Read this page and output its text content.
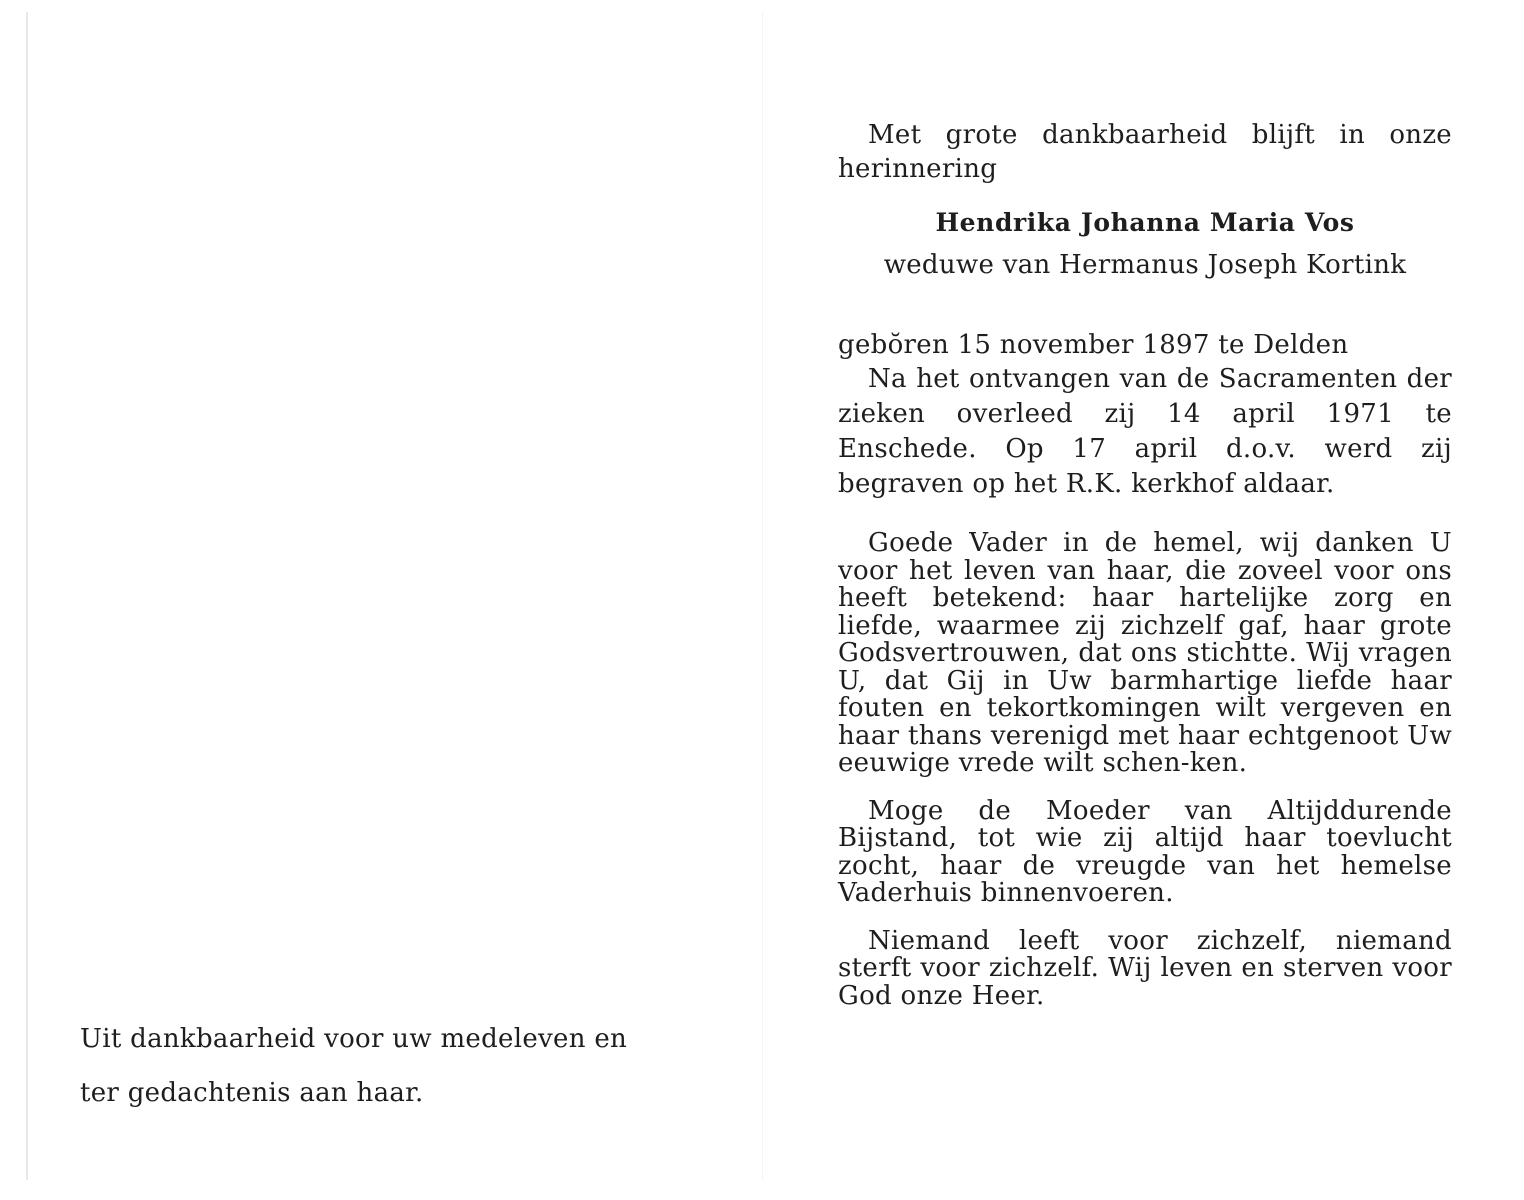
Met grote dankbaarheid blijft in onze herinnering

Hendrika Johanna Maria Vos

weduwe van Hermanus Joseph Kortink

gebŏren 15 november 1897 te Delden

Na het ontvangen van de Sacramenten der zieken overleed zij 14 april 1971 te Enschede. Op 17 april d.o.v. werd zij begraven op het R.K. kerkhof aldaar.

Goede Vader in de hemel, wij danken U voor het leven van haar, die zoveel voor ons heeft betekend: haar hartelijke zorg en liefde, waarmee zij zichzelf gaf, haar grote Godsvertrouwen, dat ons stichtte. Wij vragen U, dat Gij in Uw barmhartige liefde haar fouten en tekortkomingen wilt vergeven en haar thans verenigd met haar echtgenoot Uw eeuwige vrede wilt schen-ken.

Moge de Moeder van Altijddurende Bijstand, tot wie zij altijd haar toevlucht zocht, haar de vreugde van het hemelse Vaderhuis binnenvoeren.

Niemand leeft voor zichzelf, niemand sterft voor zichzelf. Wij leven en sterven voor God onze Heer.

Uit dankbaarheid voor uw medeleven en
ter gedachtenis aan haar.
